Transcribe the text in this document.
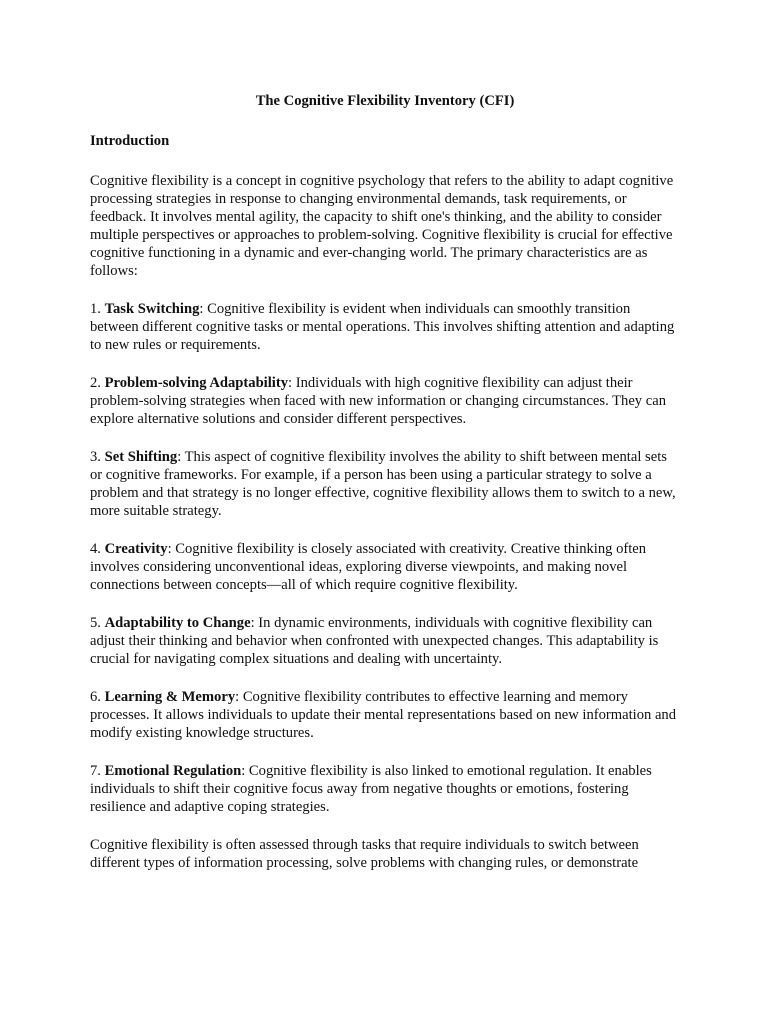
The Cognitive Flexibility Inventory (CFI)
Introduction

Cognitive flexibility is a concept in cognitive psychology that refers to the ability to adapt cognitive processing strategies in response to changing environmental demands, task requirements, or feedback. It involves mental agility, the capacity to shift one's thinking, and the ability to consider multiple perspectives or approaches to problem-solving. Cognitive flexibility is crucial for effective cognitive functioning in a dynamic and ever-changing world. The primary characteristics are as follows:

1. Task Switching: Cognitive flexibility is evident when individuals can smoothly transition between different cognitive tasks or mental operations. This involves shifting attention and adapting to new rules or requirements.

2. Problem-solving Adaptability: Individuals with high cognitive flexibility can adjust their problem-solving strategies when faced with new information or changing circumstances. They can explore alternative solutions and consider different perspectives.

3. Set Shifting: This aspect of cognitive flexibility involves the ability to shift between mental sets or cognitive frameworks. For example, if a person has been using a particular strategy to solve a problem and that strategy is no longer effective, cognitive flexibility allows them to switch to a new, more suitable strategy.

4. Creativity: Cognitive flexibility is closely associated with creativity. Creative thinking often involves considering unconventional ideas, exploring diverse viewpoints, and making novel connections between concepts—all of which require cognitive flexibility.

5. Adaptability to Change: In dynamic environments, individuals with cognitive flexibility can adjust their thinking and behavior when confronted with unexpected changes. This adaptability is crucial for navigating complex situations and dealing with uncertainty.

6. Learning & Memory: Cognitive flexibility contributes to effective learning and memory processes. It allows individuals to update their mental representations based on new information and modify existing knowledge structures.

7. Emotional Regulation: Cognitive flexibility is also linked to emotional regulation. It enables individuals to shift their cognitive focus away from negative thoughts or emotions, fostering resilience and adaptive coping strategies.

Cognitive flexibility is often assessed through tasks that require individuals to switch between different types of information processing, solve problems with changing rules, or demonstrate
